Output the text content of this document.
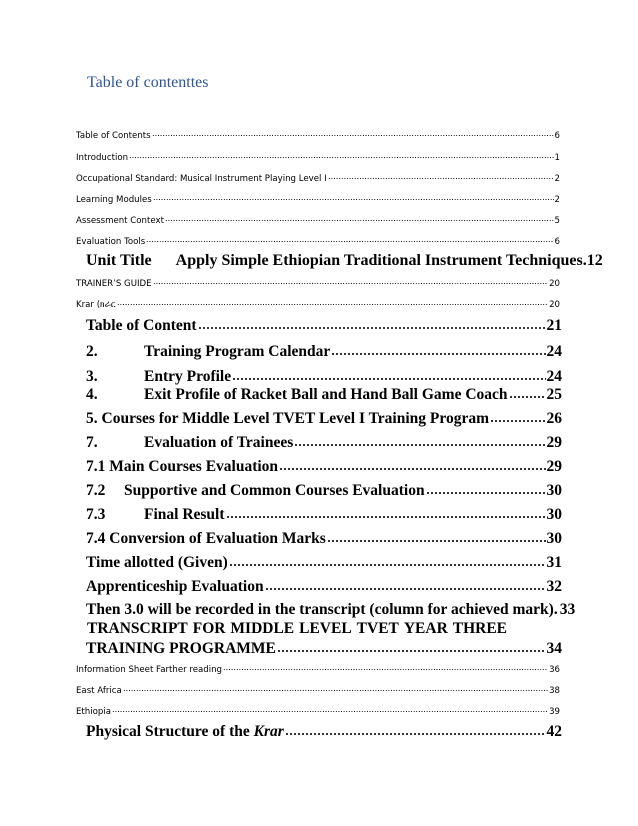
Table of contenttes
Table of Contents	6
Introduction	1
Occupational Standard: Musical Instrument Playing Level I	2
Learning Modules	2
Assessment Context	5
Evaluation Tools	6
Unit Title Apply Simple Ethiopian Traditional Instrument Techniques .12
TRAINER’S GUIDE	20
Krar (ክራር	20
Table of Content	21
2.	Training Program Calendar	24
3.	Entry Profile	24
4.	Exit Profile of Racket Ball and Hand Ball Game Coach	25
5. Courses for Middle Level TVET Level I Training Program	26
7.	Evaluation of Trainees	29
7.1 Main Courses Evaluation	29
7.2	Supportive and Common Courses Evaluation	30
7.3	Final Result	30
7.4 Conversion of Evaluation Marks	30
Time allotted (Given)	31
Apprenticeship Evaluation	32
Then 3.0 will be recorded in the transcript (column for achieved mark). 33
TRANSCRIPT FOR MIDDLE LEVEL TVET YEAR THREE
TRAINING PROGRAMME	34
Information Sheet Farther reading	36
East Africa	38
Ethiopia	39
Physical Structure of the Krar	42
